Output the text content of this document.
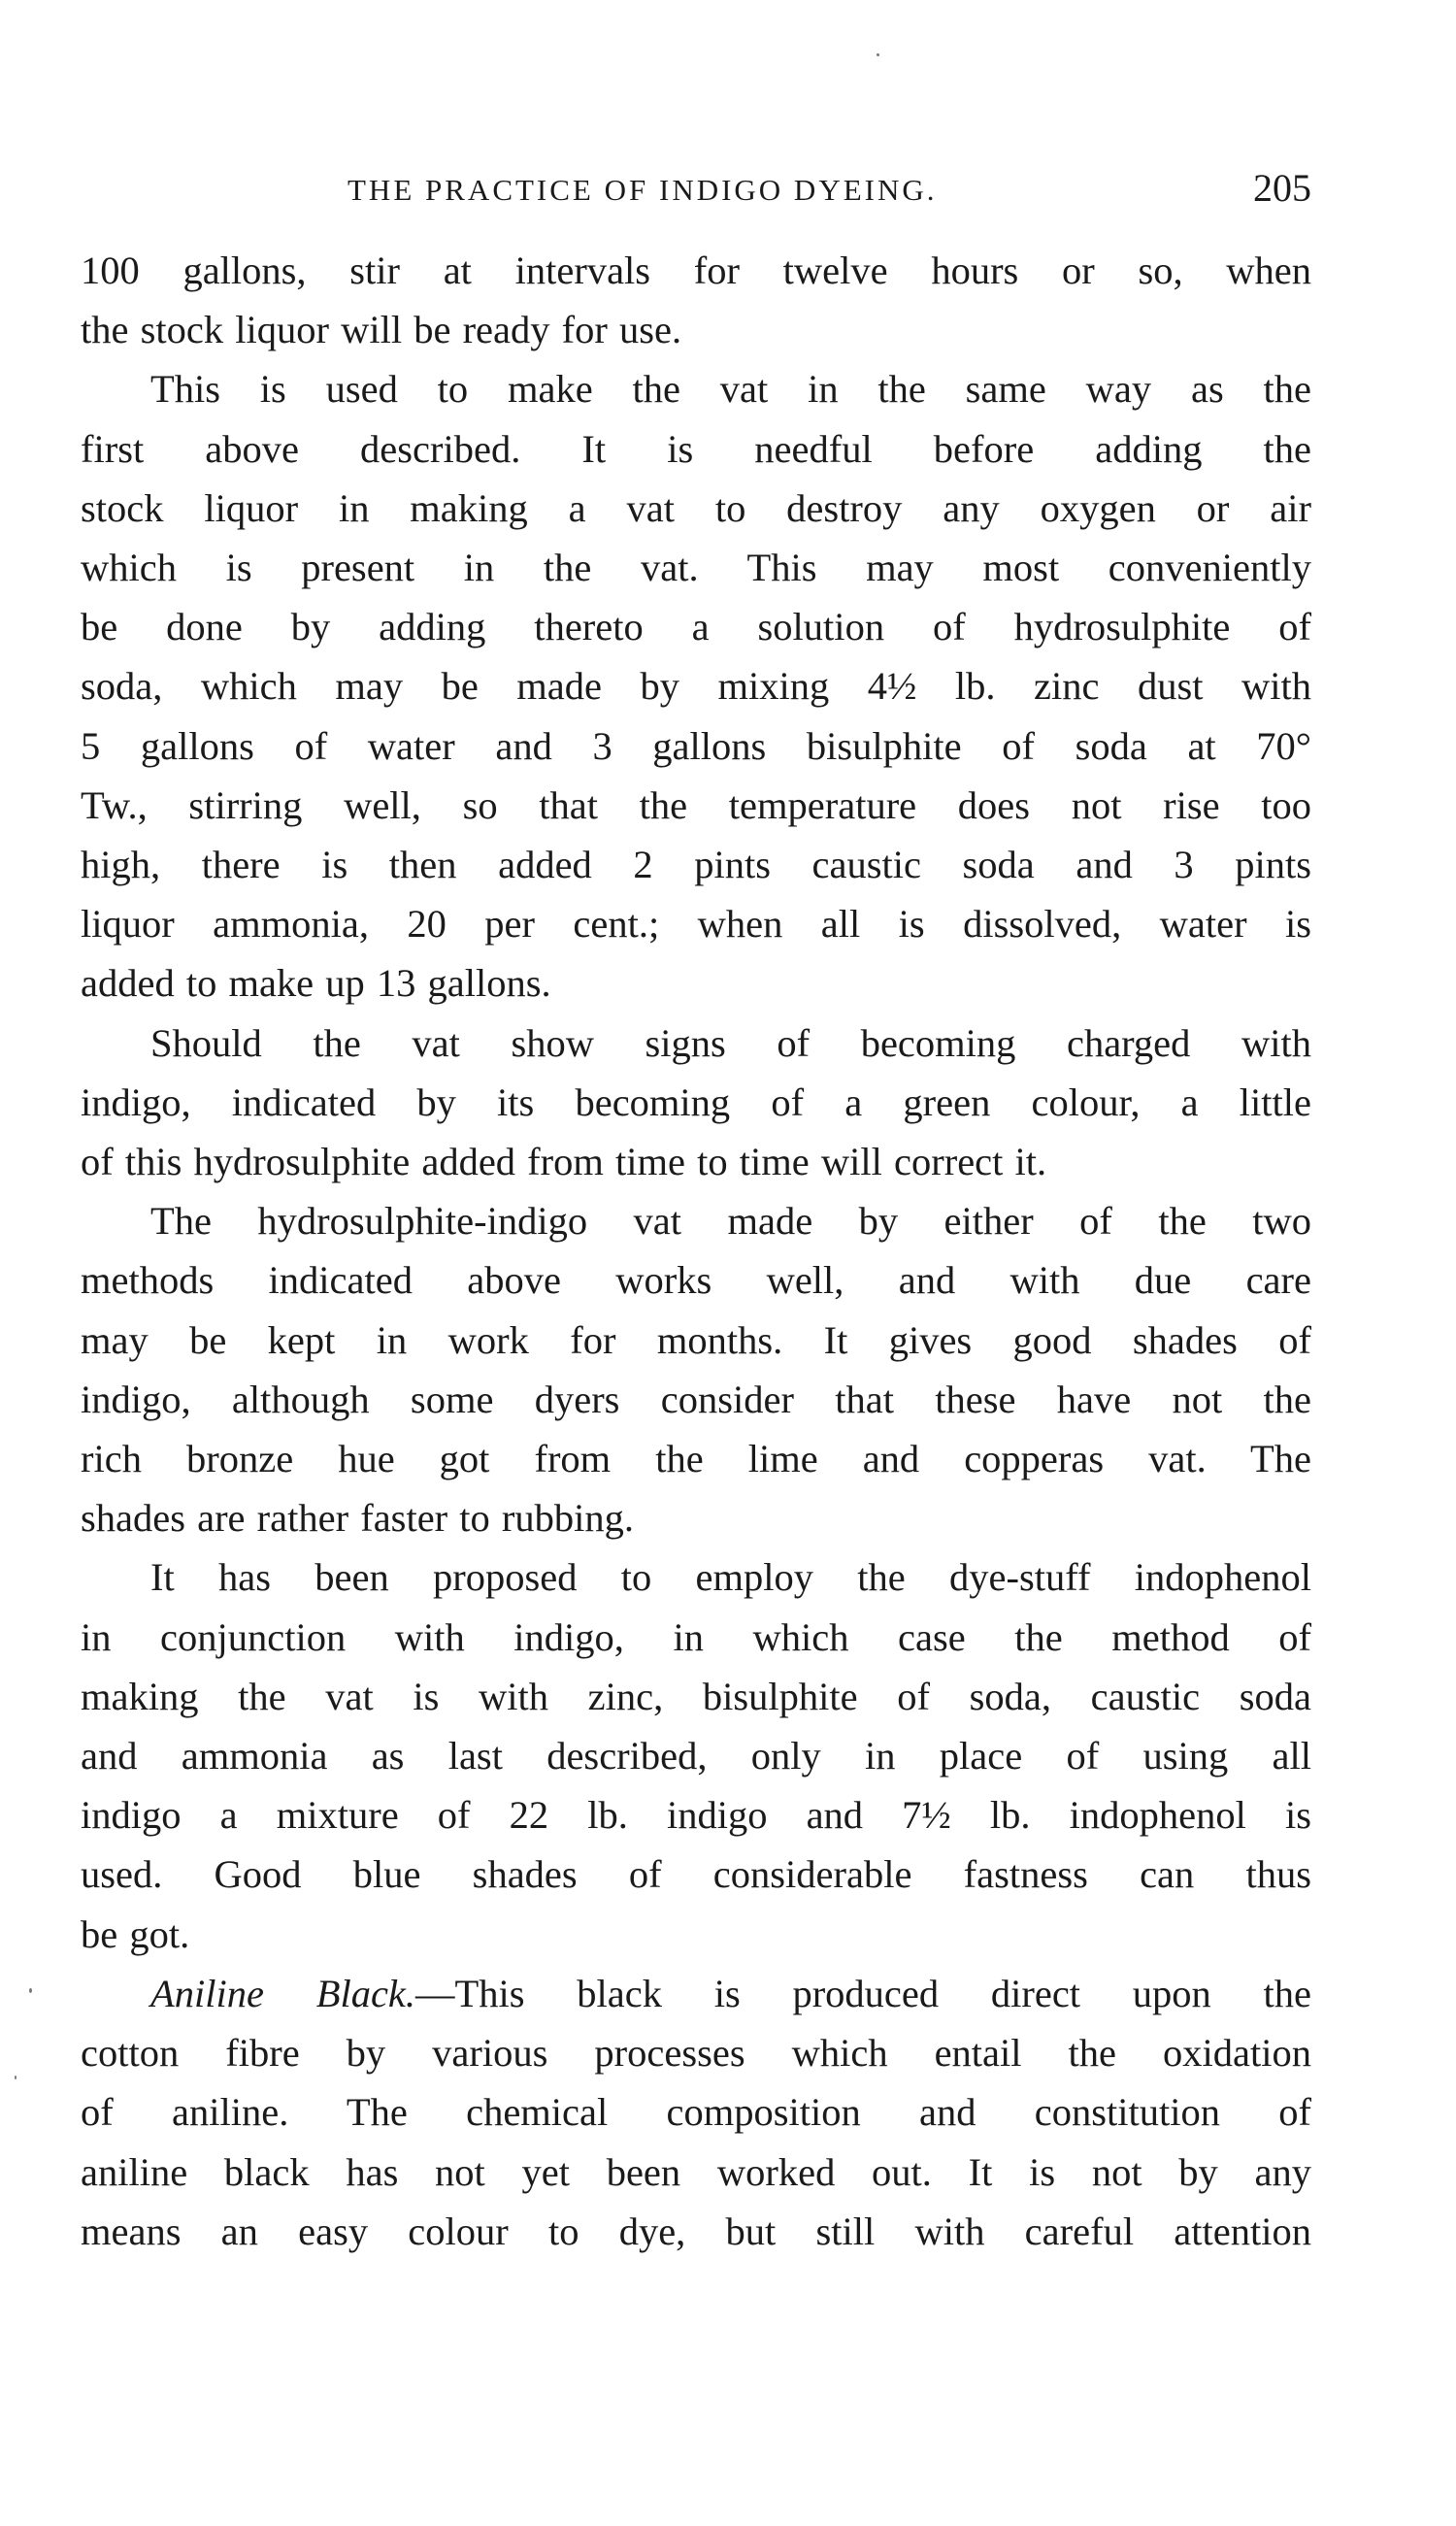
THE PRACTICE OF INDIGO DYEING.	205

100 gallons, stir at intervals for twelve hours or so, when

the stock liquor will be ready for use.

This is used to make the vat in the same way as the

first above described. It is needful before adding the

stock liquor in making a vat to destroy any oxygen or air

which is present in the vat. This may most conveniently

be done by adding thereto a solution of hydrosulphite of

soda, which may be made by mixing 4½ lb. zinc dust with

5 gallons of water and 3 gallons bisulphite of soda at 70°

Tw., stirring well, so that the temperature does not rise too

high, there is then added 2 pints caustic soda and 3 pints

liquor ammonia, 20 per cent.; when all is dissolved, water is

added to make up 13 gallons.

Should the vat show signs of becoming charged with

indigo, indicated by its becoming of a green colour, a little

of this hydrosulphite added from time to time will correct it.

The hydrosulphite-indigo vat made by either of the two

methods indicated above works well, and with due care

may be kept in work for months. It gives good shades of

indigo, although some dyers consider that these have not the

rich bronze hue got from the lime and copperas vat. The

shades are rather faster to rubbing.

It has been proposed to employ the dye-stuff indophenol

in conjunction with indigo, in which case the method of

making the vat is with zinc, bisulphite of soda, caustic soda

and ammonia as last described, only in place of using all

indigo a mixture of 22 lb. indigo and 7½ lb. indophenol is

used. Good blue shades of considerable fastness can thus

be got.

Aniline Black.—This black is produced direct upon the

cotton fibre by various processes which entail the oxidation

of aniline. The chemical composition and constitution of

aniline black has not yet been worked out. It is not by any

means an easy colour to dye, but still with careful attention
